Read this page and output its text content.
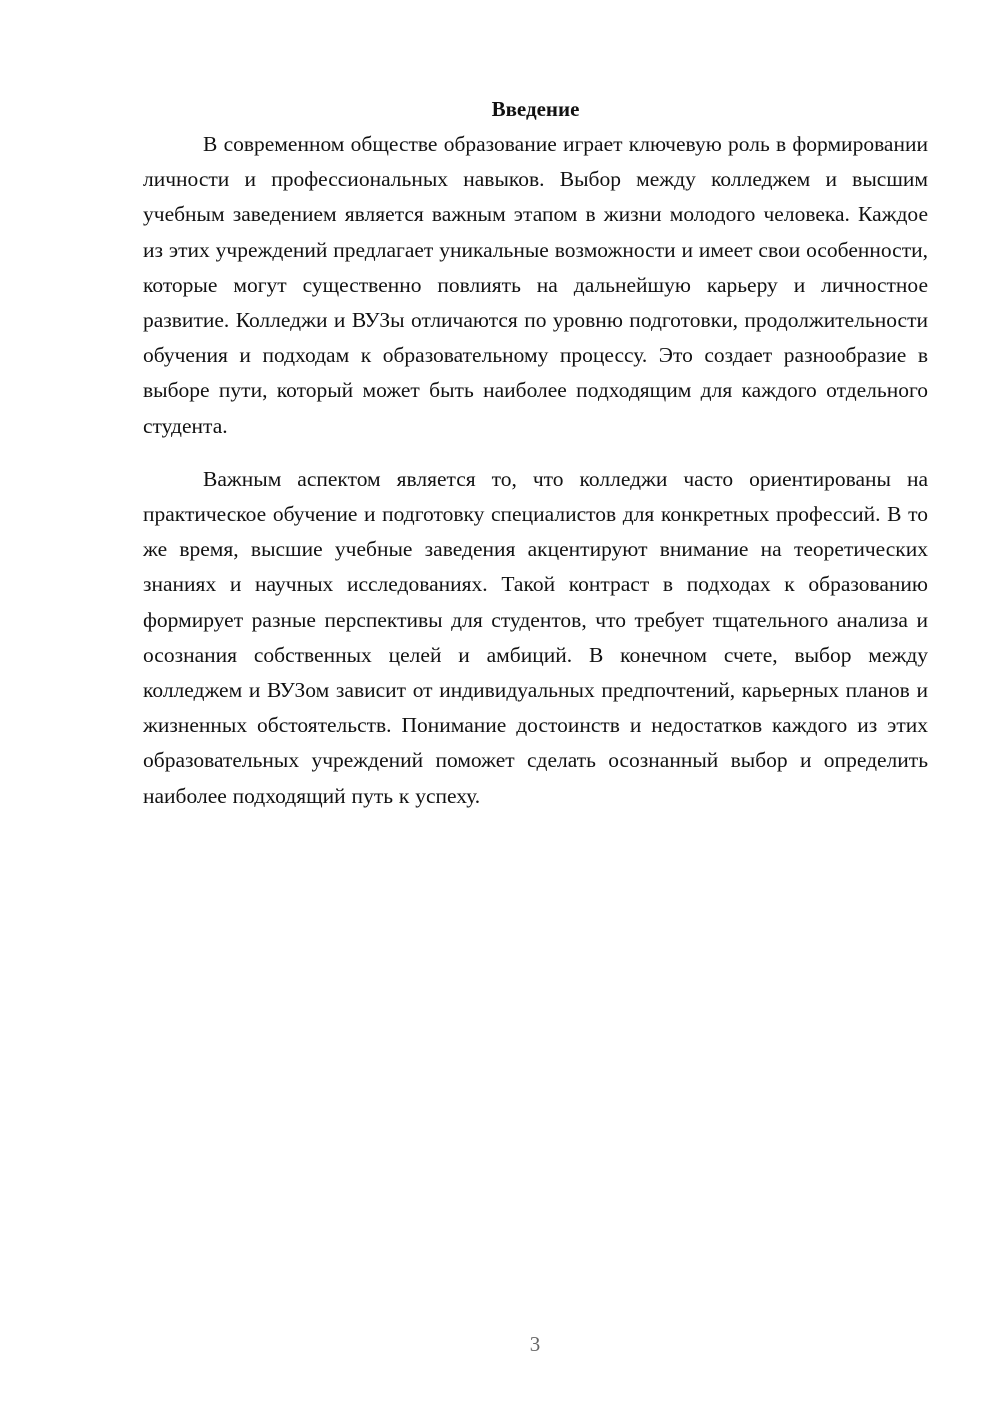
Введение

В современном обществе образование играет ключевую роль в формировании личности и профессиональных навыков. Выбор между колледжем и высшим учебным заведением является важным этапом в жизни молодого человека. Каждое из этих учреждений предлагает уникальные возможности и имеет свои особенности, которые могут существенно повлиять на дальнейшую карьеру и личностное развитие. Колледжи и ВУЗы отличаются по уровню подготовки, продолжительности обучения и подходам к образовательному процессу. Это создает разнообразие в выборе пути, который может быть наиболее подходящим для каждого отдельного студента.

Важным аспектом является то, что колледжи часто ориентированы на практическое обучение и подготовку специалистов для конкретных профессий. В то же время, высшие учебные заведения акцентируют внимание на теоретических знаниях и научных исследованиях. Такой контраст в подходах к образованию формирует разные перспективы для студентов, что требует тщательного анализа и осознания собственных целей и амбиций. В конечном счете, выбор между колледжем и ВУЗом зависит от индивидуальных предпочтений, карьерных планов и жизненных обстоятельств. Понимание достоинств и недостатков каждого из этих образовательных учреждений поможет сделать осознанный выбор и определить наиболее подходящий путь к успеху.

3
